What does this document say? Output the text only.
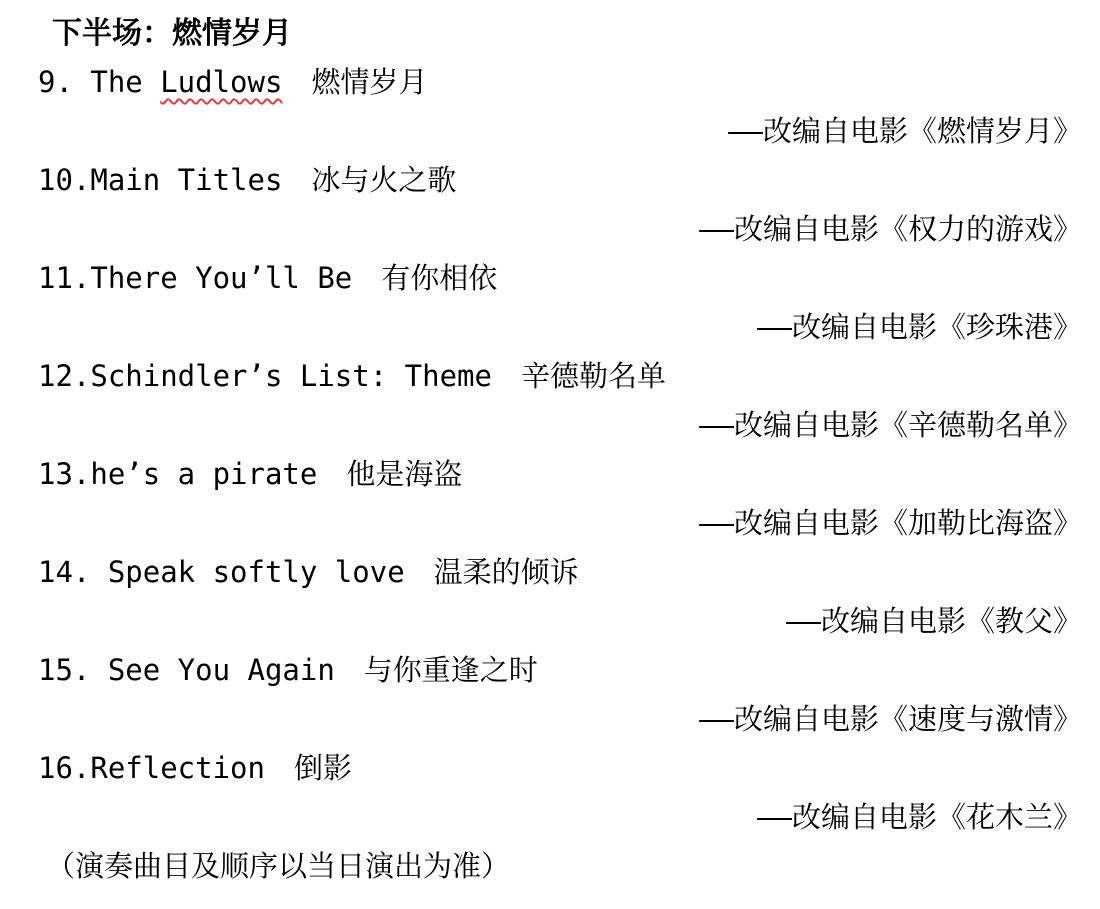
下半场：燃情岁月
9. The Ludlows　燃情岁月
——改编自电影《燃情岁月》
10.Main Titles　冰与火之歌
——改编自电影《权力的游戏》
11.There You’ll Be　有你相依
——改编自电影《珍珠港》
12.Schindler’s List: Theme　辛德勒名单
——改编自电影《辛德勒名单》
13.he’s a pirate　他是海盗
——改编自电影《加勒比海盗》
14. Speak softly love　温柔的倾诉
——改编自电影《教父》
15. See You Again　与你重逢之时
——改编自电影《速度与激情》
16.Reflection　倒影
——改编自电影《花木兰》
（演奏曲目及顺序以当日演出为准）
